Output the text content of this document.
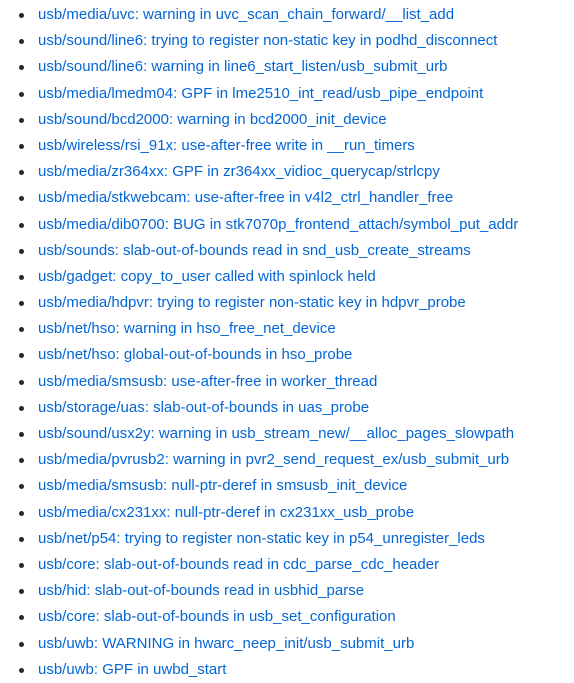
usb/media/uvc: warning in uvc_scan_chain_forward/__list_add
usb/sound/line6: trying to register non-static key in podhd_disconnect
usb/sound/line6: warning in line6_start_listen/usb_submit_urb
usb/media/lmedm04: GPF in lme2510_int_read/usb_pipe_endpoint
usb/sound/bcd2000: warning in bcd2000_init_device
usb/wireless/rsi_91x: use-after-free write in __run_timers
usb/media/zr364xx: GPF in zr364xx_vidioc_querycap/strlcpy
usb/media/stkwebcam: use-after-free in v4l2_ctrl_handler_free
usb/media/dib0700: BUG in stk7070p_frontend_attach/symbol_put_addr
usb/sounds: slab-out-of-bounds read in snd_usb_create_streams
usb/gadget: copy_to_user called with spinlock held
usb/media/hdpvr: trying to register non-static key in hdpvr_probe
usb/net/hso: warning in hso_free_net_device
usb/net/hso: global-out-of-bounds in hso_probe
usb/media/smsusb: use-after-free in worker_thread
usb/storage/uas: slab-out-of-bounds in uas_probe
usb/sound/usx2y: warning in usb_stream_new/__alloc_pages_slowpath
usb/media/pvrusb2: warning in pvr2_send_request_ex/usb_submit_urb
usb/media/smsusb: null-ptr-deref in smsusb_init_device
usb/media/cx231xx: null-ptr-deref in cx231xx_usb_probe
usb/net/p54: trying to register non-static key in p54_unregister_leds
usb/core: slab-out-of-bounds read in cdc_parse_cdc_header
usb/hid: slab-out-of-bounds read in usbhid_parse
usb/core: slab-out-of-bounds in usb_set_configuration
usb/uwb: WARNING in hwarc_neep_init/usb_submit_urb
usb/uwb: GPF in uwbd_start
